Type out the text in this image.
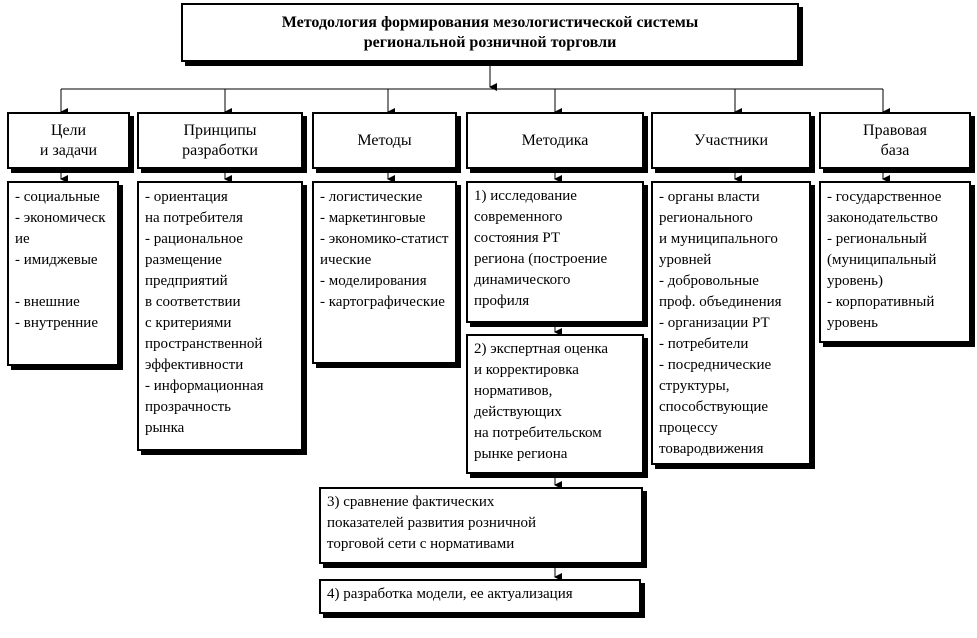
Методология формирования мезологистической системы
региональной розничной торговли
Цели
и задачи
Принципы
разработки
Методы	Методика	Участники
Правовая
база
- социальные
- экономические
- имиджевые
- внешние
- внутренние
- ориентация
на потребителя
- рациональное
размещение
предприятий
в соответствии
с критериями
пространственной
эффективности
- информационная
прозрачность
рынка
- логистические
- маркетинговые
- экономико-статистические
- моделирования
- картографические
- органы власти
регионального
и муниципального
уровней
- добровольные
проф. объединения
- организации РТ
- потребители
- посреднические
структуры,
способствующие
процессу
товародвижения
- государственное
законодательство
- региональный
(муниципальный
уровень)
- корпоративный
уровень
1) исследование
современного
состояния РТ
региона (построение
динамического
профиля
2) экспертная оценка
и корректировка
нормативов,
действующих
на потребительском
рынке региона
3) сравнение фактических
показателей развития розничной
торговой сети с нормативами
4) разработка модели, ее актуализация
